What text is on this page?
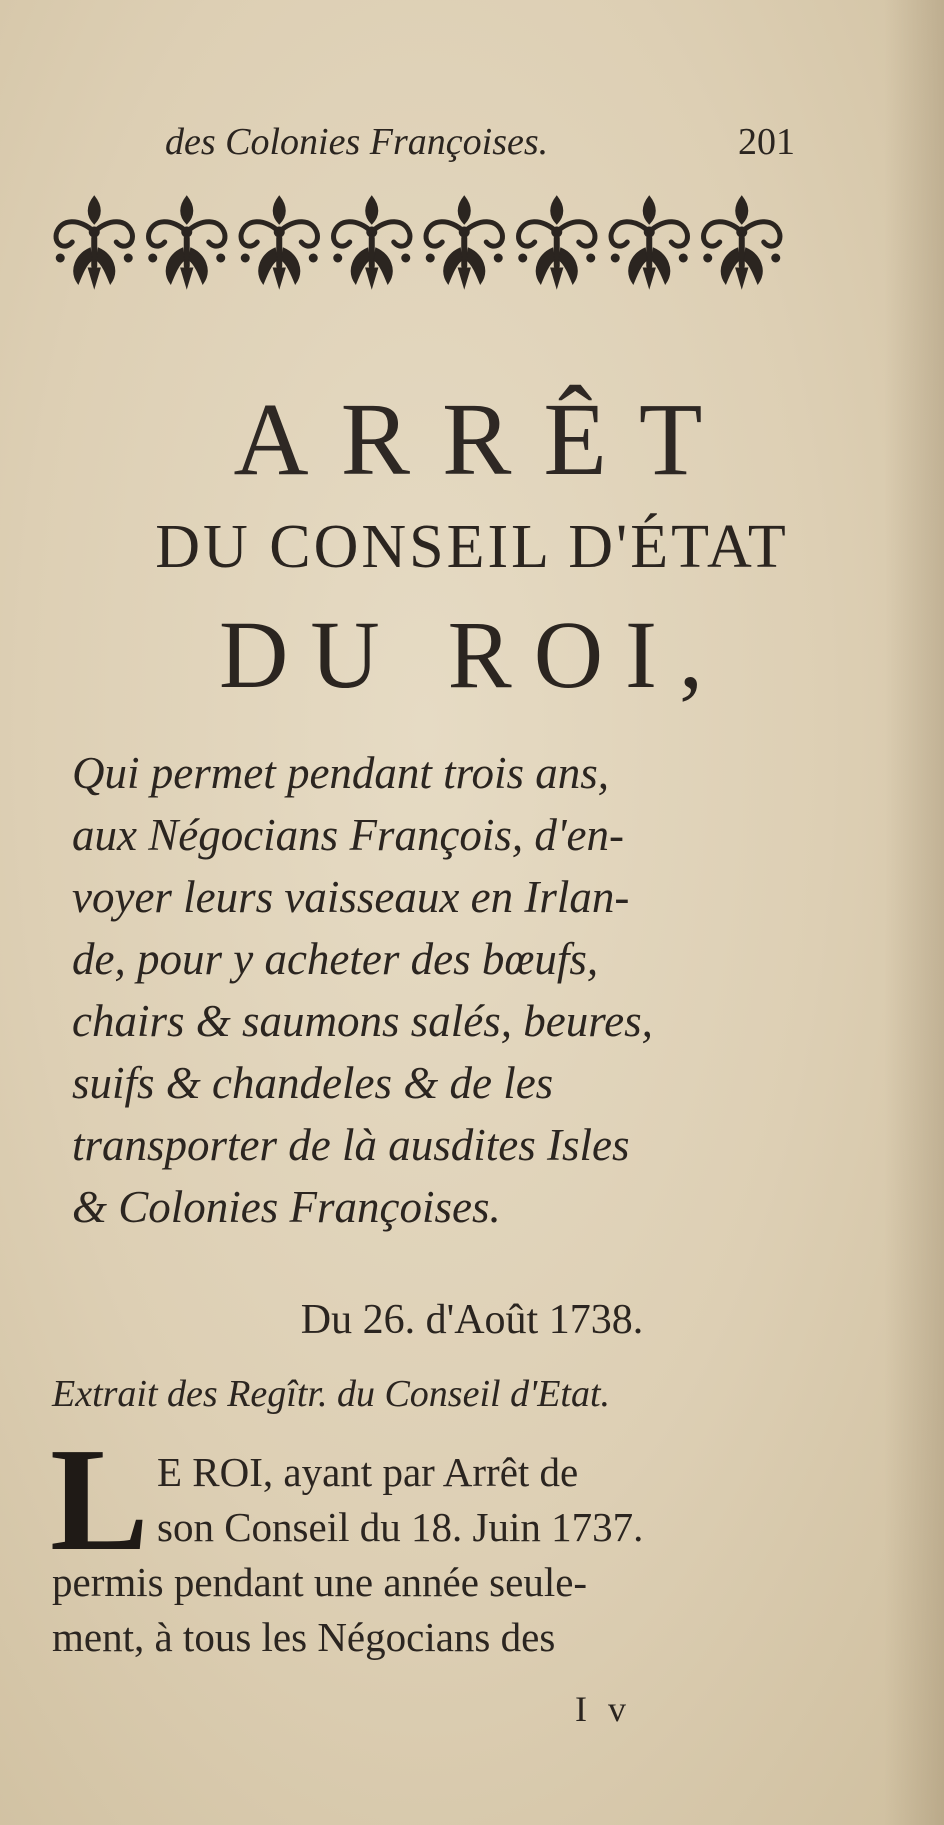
des Colonies Françoises.	201
ARRÊT
DU CONSEIL D'ÉTAT
DU ROI,
Qui permet pendant trois ans,
aux Négocians François, d'en-
voyer leurs vaisseaux en Irlan-
de, pour y acheter des bœufs,
chairs & saumons salés, beures,
suifs & chandeles & de les
transporter de là ausdites Isles
& Colonies Françoises.
Du 26. d'Août 1738.
Extrait des Regîtr. du Conseil d'Etat.
L E ROI, ayant par Arrêt de
son Conseil du 18. Juin 1737.
permis pendant une année seule-
ment, à tous les Négocians des
I v
